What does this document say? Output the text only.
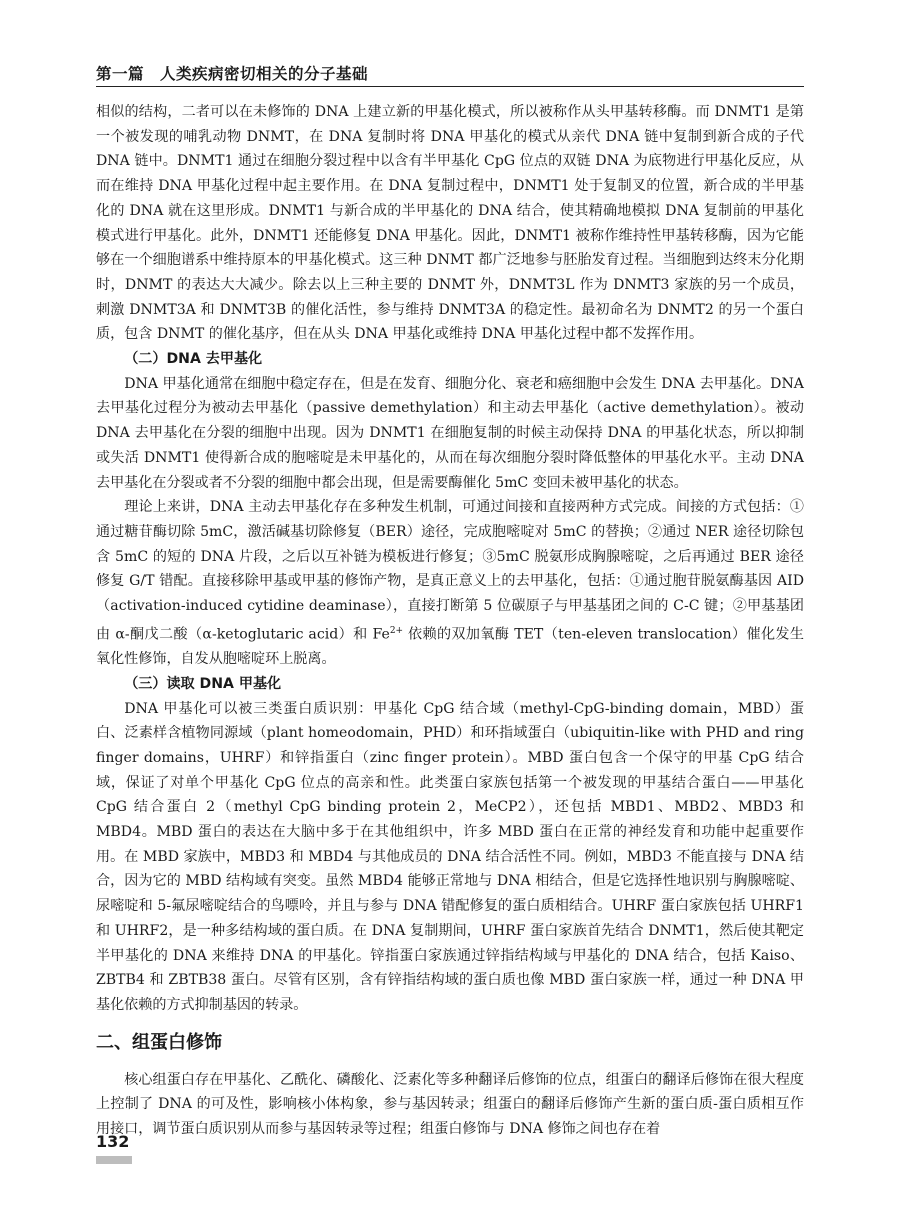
第一篇　人类疾病密切相关的分子基础

相似的结构，二者可以在未修饰的 DNA 上建立新的甲基化模式，所以被称作从头甲基转移酶。而 DNMT1 是第一个被发现的哺乳动物 DNMT，在 DNA 复制时将 DNA 甲基化的模式从亲代 DNA 链中复制到新合成的子代 DNA 链中。DNMT1 通过在细胞分裂过程中以含有半甲基化 CpG 位点的双链 DNA 为底物进行甲基化反应，从而在维持 DNA 甲基化过程中起主要作用。在 DNA 复制过程中，DNMT1 处于复制叉的位置，新合成的半甲基化的 DNA 就在这里形成。DNMT1 与新合成的半甲基化的 DNA 结合，使其精确地模拟 DNA 复制前的甲基化模式进行甲基化。此外，DNMT1 还能修复 DNA 甲基化。因此，DNMT1 被称作维持性甲基转移酶，因为它能够在一个细胞谱系中维持原本的甲基化模式。这三种 DNMT 都广泛地参与胚胎发育过程。当细胞到达终末分化期时，DNMT 的表达大大减少。除去以上三种主要的 DNMT 外，DNMT3L 作为 DNMT3 家族的另一个成员，刺激 DNMT3A 和 DNMT3B 的催化活性，参与维持 DNMT3A 的稳定性。最初命名为 DNMT2 的另一个蛋白质，包含 DNMT 的催化基序，但在从头 DNA 甲基化或维持 DNA 甲基化过程中都不发挥作用。

（二）DNA 去甲基化

DNA 甲基化通常在细胞中稳定存在，但是在发育、细胞分化、衰老和癌细胞中会发生 DNA 去甲基化。DNA 去甲基化过程分为被动去甲基化（passive demethylation）和主动去甲基化（active demethylation）。被动 DNA 去甲基化在分裂的细胞中出现。因为 DNMT1 在细胞复制的时候主动保持 DNA 的甲基化状态，所以抑制或失活 DNMT1 使得新合成的胞嘧啶是未甲基化的，从而在每次细胞分裂时降低整体的甲基化水平。主动 DNA 去甲基化在分裂或者不分裂的细胞中都会出现，但是需要酶催化 5mC 变回未被甲基化的状态。

理论上来讲，DNA 主动去甲基化存在多种发生机制，可通过间接和直接两种方式完成。间接的方式包括：①通过糖苷酶切除 5mC，激活碱基切除修复（BER）途径，完成胞嘧啶对 5mC 的替换；②通过 NER 途径切除包含 5mC 的短的 DNA 片段，之后以互补链为模板进行修复；③5mC 脱氨形成胸腺嘧啶，之后再通过 BER 途径修复 G/T 错配。直接移除甲基或甲基的修饰产物，是真正意义上的去甲基化，包括：①通过胞苷脱氨酶基因 AID（activation-induced cytidine deaminase），直接打断第 5 位碳原子与甲基基团之间的 C-C 键；②甲基基团由 α-酮戊二酸（α-ketoglutaric acid）和 $Fe^{2+}$ 依赖的双加氧酶 TET（ten-eleven translocation）催化发生氧化性修饰，自发从胞嘧啶环上脱离。

（三）读取 DNA 甲基化

DNA 甲基化可以被三类蛋白质识别：甲基化 CpG 结合域（methyl-CpG-binding domain，MBD）蛋白、泛素样含植物同源域（plant homeodomain，PHD）和环指域蛋白（ubiquitin-like with PHD and ring finger domains，UHRF）和锌指蛋白（zinc finger protein）。MBD 蛋白包含一个保守的甲基 CpG 结合域，保证了对单个甲基化 CpG 位点的高亲和性。此类蛋白家族包括第一个被发现的甲基结合蛋白——甲基化 CpG 结合蛋白 2（methyl CpG binding protein 2，MeCP2），还包括 MBD1、MBD2、MBD3 和 MBD4。MBD 蛋白的表达在大脑中多于在其他组织中，许多 MBD 蛋白在正常的神经发育和功能中起重要作用。在 MBD 家族中，MBD3 和 MBD4 与其他成员的 DNA 结合活性不同。例如，MBD3 不能直接与 DNA 结合，因为它的 MBD 结构域有突变。虽然 MBD4 能够正常地与 DNA 相结合，但是它选择性地识别与胸腺嘧啶、尿嘧啶和 5-氟尿嘧啶结合的鸟嘌呤，并且与参与 DNA 错配修复的蛋白质相结合。UHRF 蛋白家族包括 UHRF1 和 UHRF2，是一种多结构域的蛋白质。在 DNA 复制期间，UHRF 蛋白家族首先结合 DNMT1，然后使其靶定半甲基化的 DNA 来维持 DNA 的甲基化。锌指蛋白家族通过锌指结构域与甲基化的 DNA 结合，包括 Kaiso、ZBTB4 和 ZBTB38 蛋白。尽管有区别，含有锌指结构域的蛋白质也像 MBD 蛋白家族一样，通过一种 DNA 甲基化依赖的方式抑制基因的转录。

二、组蛋白修饰

核心组蛋白存在甲基化、乙酰化、磷酸化、泛素化等多种翻译后修饰的位点，组蛋白的翻译后修饰在很大程度上控制了 DNA 的可及性，影响核小体构象，参与基因转录；组蛋白的翻译后修饰产生新的蛋白质-蛋白质相互作用接口，调节蛋白质识别从而参与基因转录等过程；组蛋白修饰与 DNA 修饰之间也存在着

132
